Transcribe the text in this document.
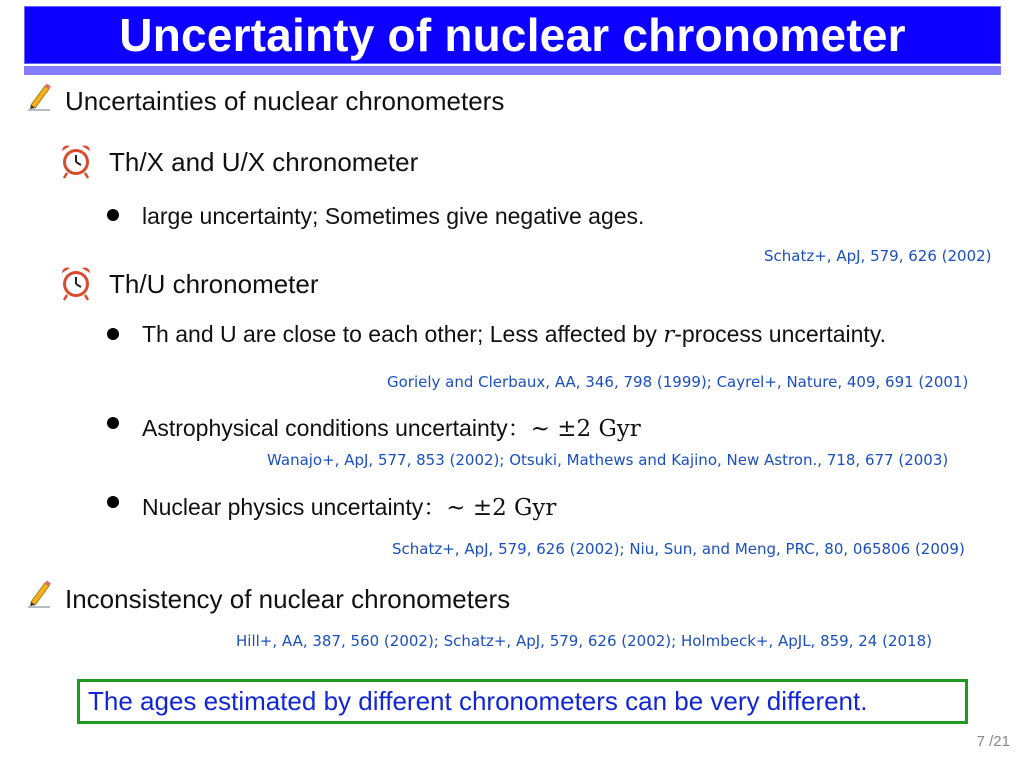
Uncertainty of nuclear chronometer
Uncertainties of nuclear chronometers
Th/X and U/X chronometer
large uncertainty; Sometimes give negative ages.
Schatz+, ApJ, 579, 626 (2002)
Th/U chronometer
Th and U are close to each other; Less affected by r-process uncertainty.
Goriely and Clerbaux, AA, 346, 798 (1999); Cayrel+, Nature, 409, 691 (2001)
Astrophysical conditions uncertainty：~ ±2 Gyr
Wanajo+, ApJ, 577, 853 (2002); Otsuki, Mathews and Kajino, New Astron., 718, 677 (2003)
Nuclear physics uncertainty：~ ±2 Gyr
Schatz+, ApJ, 579, 626 (2002); Niu, Sun, and Meng, PRC, 80, 065806 (2009)
Inconsistency of nuclear chronometers
Hill+, AA, 387, 560 (2002); Schatz+, ApJ, 579, 626 (2002); Holmbeck+, ApJL, 859, 24 (2018)
The ages estimated by different chronometers can be very different.
7 /21
